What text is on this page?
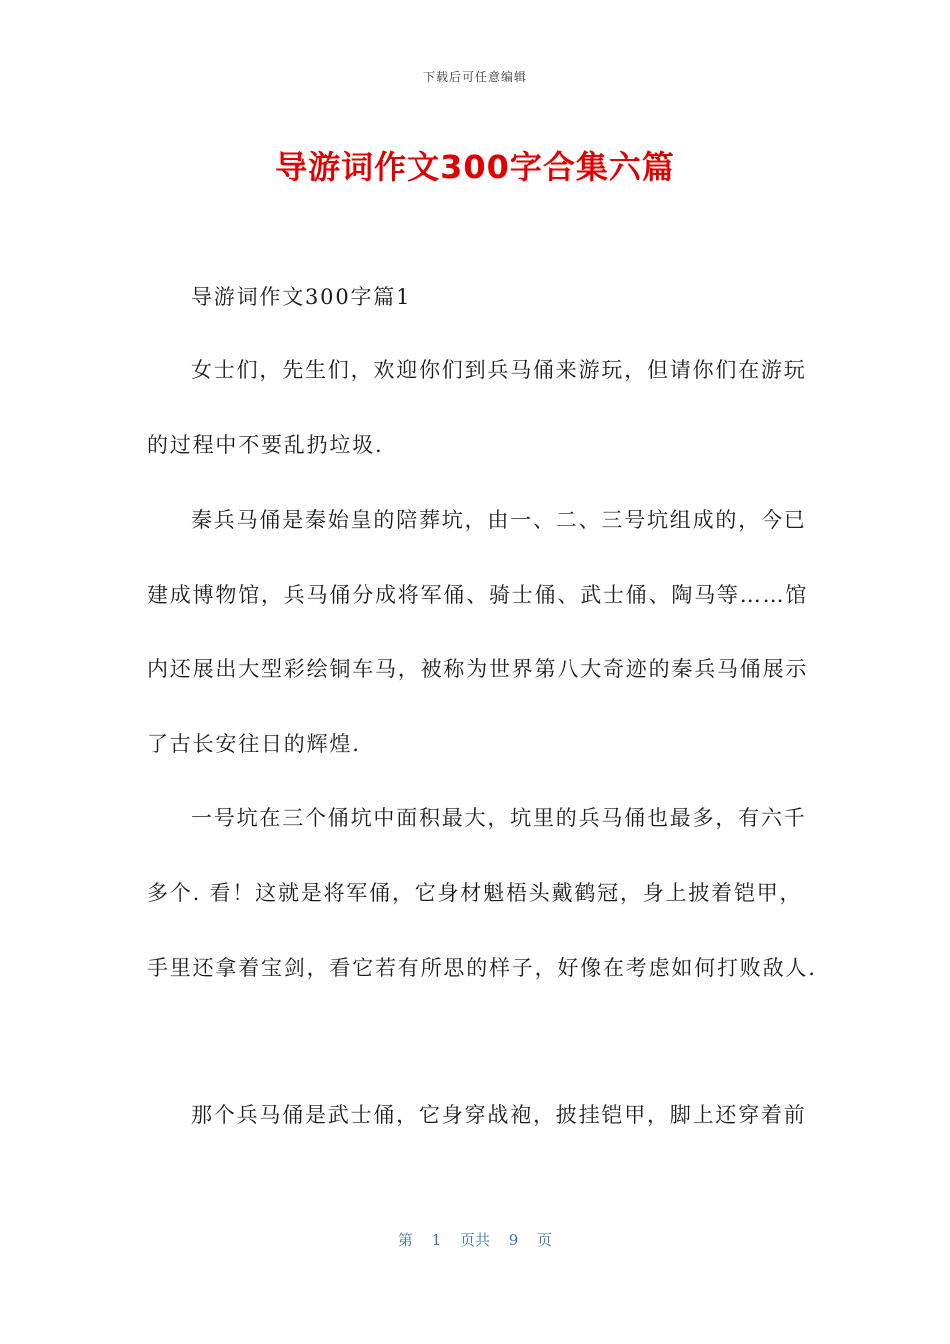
下载后可任意编辑
导游词作文300字合集六篇
导游词作文300字篇1
女士们，先生们，欢迎你们到兵马俑来游玩，但请你们在游玩
的过程中不要乱扔垃圾.
秦兵马俑是秦始皇的陪葬坑，由一、二、三号坑组成的，今已
建成博物馆，兵马俑分成将军俑、骑士俑、武士俑、陶马等……馆
内还展出大型彩绘铜车马，被称为世界第八大奇迹的秦兵马俑展示
了古长安往日的辉煌.
一号坑在三个俑坑中面积最大，坑里的兵马俑也最多，有六千
多个. 看！这就是将军俑，它身材魁梧头戴鹤冠，身上披着铠甲，
手里还拿着宝剑，看它若有所思的样子，好像在考虑如何打败敌人.
那个兵马俑是武士俑，它身穿战袍，披挂铠甲，脚上还穿着前
第 1 页共 9 页
